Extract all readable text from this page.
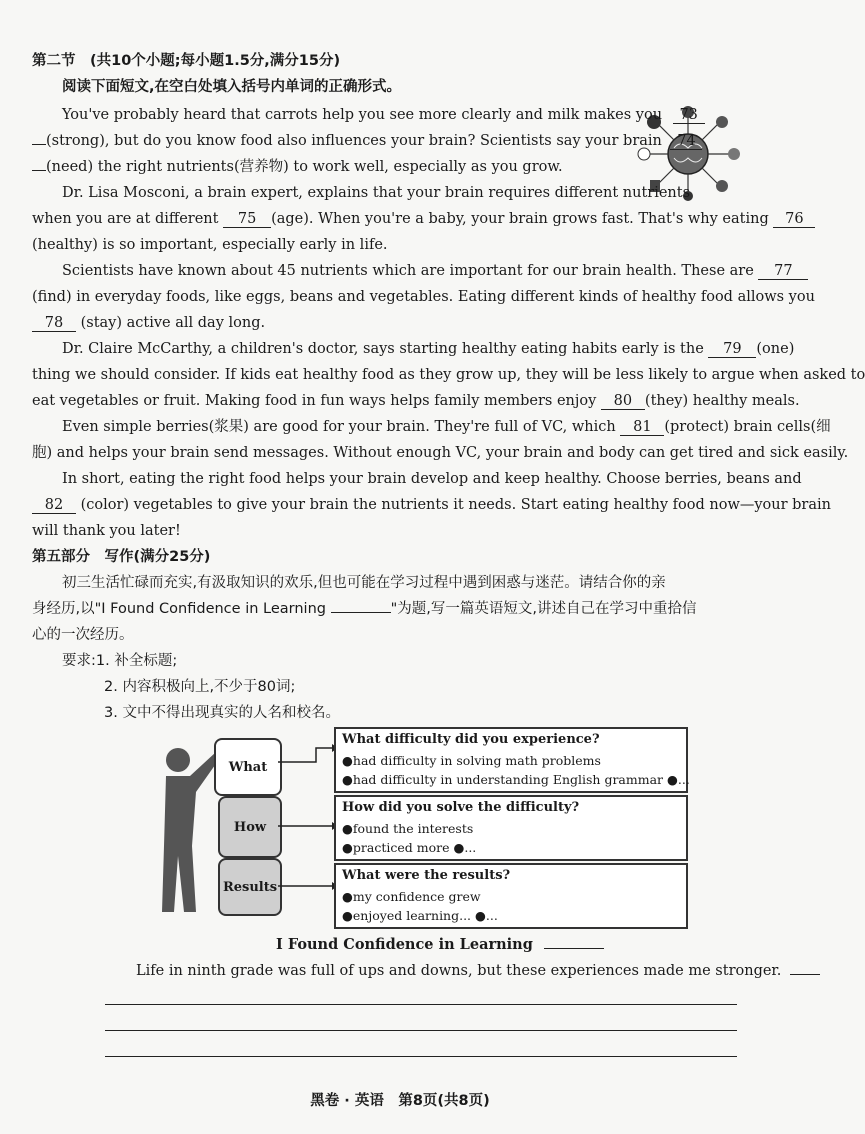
第二节　(共10个小题;每小题1.5分,满分15分)
阅读下面短文,在空白处填入括号内单词的正确形式。
You've probably heard that carrots help you see more clearly and milk makes you 73
(strong), but do you know food also influences your brain? Scientists say your brain 74
(need) the right nutrients(营养物) to work well, especially as you grow.
Dr. Lisa Mosconi, a brain expert, explains that your brain requires different nutrients
when you are at different 75 (age). When you're a baby, your brain grows fast. That's why eating 76
(healthy) is so important, especially early in life.
Scientists have known about 45 nutrients which are important for our brain health. These are 77
(find) in everyday foods, like eggs, beans and vegetables. Eating different kinds of healthy food allows you
78 (stay) active all day long.
Dr. Claire McCarthy, a children's doctor, says starting healthy eating habits early is the 79 (one)
thing we should consider. If kids eat healthy food as they grow up, they will be less likely to argue when asked to
eat vegetables or fruit. Making food in fun ways helps family members enjoy 80 (they) healthy meals.
Even simple berries(浆果) are good for your brain. They're full of VC, which 81 (protect) brain cells(细
胞) and helps your brain send messages. Without enough VC, your brain and body can get tired and sick easily.
In short, eating the right food helps your brain develop and keep healthy. Choose berries, beans and
82 (color) vegetables to give your brain the nutrients it needs. Start eating healthy food now—your brain
will thank you later!
第五部分　写作(满分25分)
初三生活忙碌而充实,有汲取知识的欢乐,但也可能在学习过程中遇到困惑与迷茫。请结合你的亲
身经历,以"I Found Confidence in Learning	"为题,写一篇英语短文,讲述自己在学习中重拾信
心的一次经历。
要求:1. 补全标题;
2. 内容积极向上,不少于80词;
3. 文中不得出现真实的人名和校名。
What
How
Results
What difficulty did you experience?
●had difficulty in solving math problems
●had difficulty in understanding English grammar ●...
How did you solve the difficulty?
●found the interests
●practiced more ●...
What were the results?
●my confidence grew
●enjoyed learning... ●...
I Found Confidence in Learning
Life in ninth grade was full of ups and downs, but these experiences made me stronger.
黑卷 · 英语　第8页(共8页)
